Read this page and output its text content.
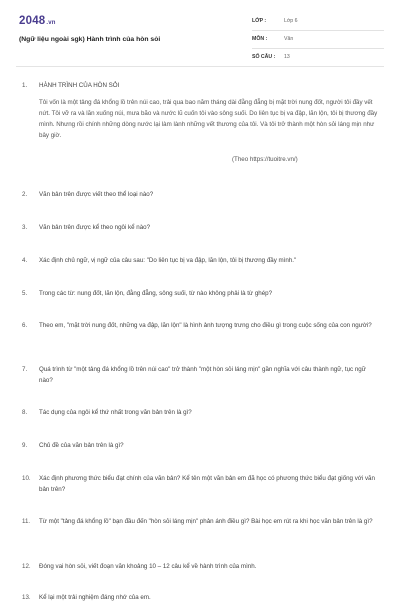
2048.vn
(Ngữ liệu ngoài sgk) Hành trình của hòn sỏi
LỚP :	Lớp 6
MÔN :	Văn
SỐ CÂU : 13
1. HÀNH TRÌNH CỦA HÒN SỎI
Tôi vốn là một tảng đá khổng lồ trên núi cao, trải qua bao năm tháng dài đằng đẵng bị mặt trời nung đốt, người tôi đầy vết nứt. Tôi vỡ ra và lăn xuống núi, mưa bão và nước lũ cuốn tôi vào sông suối. Do liên tục bị va đập, lăn lộn, tôi bị thương đầy mình. Nhưng rồi chính những dòng nước lại làm lành những vết thương của tôi. Và tôi trở thành một hòn sỏi láng mịn như bây giờ.
(Theo https://tuoitre.vn/)
2. Văn bản trên được viết theo thể loại nào?
3. Văn bản trên được kể theo ngôi kể nào?
4. Xác định chủ ngữ, vị ngữ của câu sau: "Do liên tục bị va đập, lăn lộn, tôi bị thương đầy mình."
5. Trong các từ: nung đốt, lăn lộn, đằng đẵng, sông suối, từ nào không phải là từ ghép?
6. Theo em, "mặt trời nung đốt, những va đập, lăn lộn" là hình ảnh tượng trưng cho điều gì trong cuộc sống của con người?
7. Quá trình từ "một tảng đá khổng lồ trên núi cao" trở thành "một hòn sỏi láng mịn" gần nghĩa với câu thành ngữ, tục ngữ nào?
8. Tác dụng của ngôi kể thứ nhất trong văn bản trên là gì?
9. Chủ đề của văn bản trên là gì?
10. Xác định phương thức biểu đạt chính của văn bản? Kể tên một văn bản em đã học có phương thức biểu đạt giống với văn bản trên?
11. Từ một "tảng đá khổng lồ" bạn đầu đến "hòn sỏi láng mịn" phản ánh điều gì? Bài học em rút ra khi học văn bản trên là gì?
12. Đóng vai hòn sỏi, viết đoạn văn khoảng 10 – 12 câu kể về hành trình của mình.
13. Kể lại một trải nghiệm đáng nhớ của em.
